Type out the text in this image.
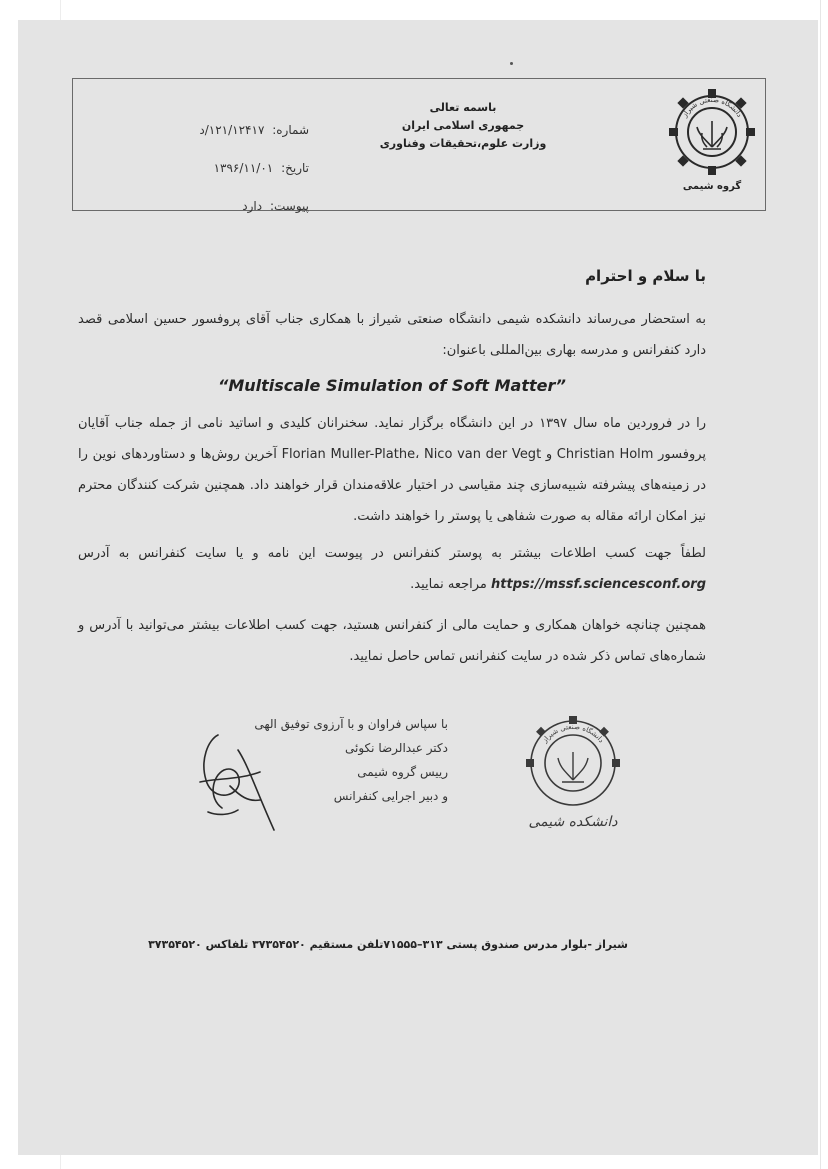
شماره: ۱۲۱/۱۲۴۱۷/د
تاریخ: ۱۳۹۶/۱۱/۰۱
پیوست: دارد
باسمه تعالی
جمهوری اسلامی ایران
وزارت علوم،تحقیقات وفناوری
دانشگاه صنعتی شیراز
گروه شیمی
با سلام و احترام
به استحضار می‌رساند دانشکده شیمی دانشگاه صنعتی شیراز با همکاری جناب آقای پروفسور حسین اسلامی قصد دارد کنفرانس و مدرسه بهاری بین‌المللی باعنوان:
“Multiscale Simulation of Soft Matter”
را در فروردین ماه سال ۱۳۹۷ در این دانشگاه برگزار نماید. سخنرانان کلیدی و اساتید نامی از جمله جناب آقایان پروفسور Florian Muller-Plathe، Nico van der Vegt و Christian Holm آخرین روش‌ها و دستاوردهای نوین را در زمینه‌های پیشرفته شبیه‌سازی چند مقیاسی در اختیار علاقه‌مندان قرار خواهند داد. همچنین شرکت کنندگان محترم نیز امکان ارائه مقاله به صورت شفاهی یا پوستر را خواهند داشت.
لطفاً جهت کسب اطلاعات بیشتر به پوستر کنفرانس در پیوست این نامه و یا سایت کنفرانس به آدرس https://mssf.sciencesconf.org مراجعه نمایید.
همچنین چنانچه خواهان همکاری و حمایت مالی از کنفرانس هستید، جهت کسب اطلاعات بیشتر می‌توانید با آدرس و شماره‌های تماس ذکر شده در سایت کنفرانس تماس حاصل نمایید.
با سپاس فراوان و با آرزوی توفیق الهی
دکتر عبدالرضا نکوئی
رییس گروه شیمی
و دبیر اجرایی کنفرانس
دانشگاه صنعتی شیراز
دانشکده شیمی
شیراز -بلوار مدرس صندوق پستی ۳۱۳–۷۱۵۵۵تلفن مستقیم ۳۷۳۵۴۵۲۰ تلفاکس ۳۷۳۵۴۵۲۰
